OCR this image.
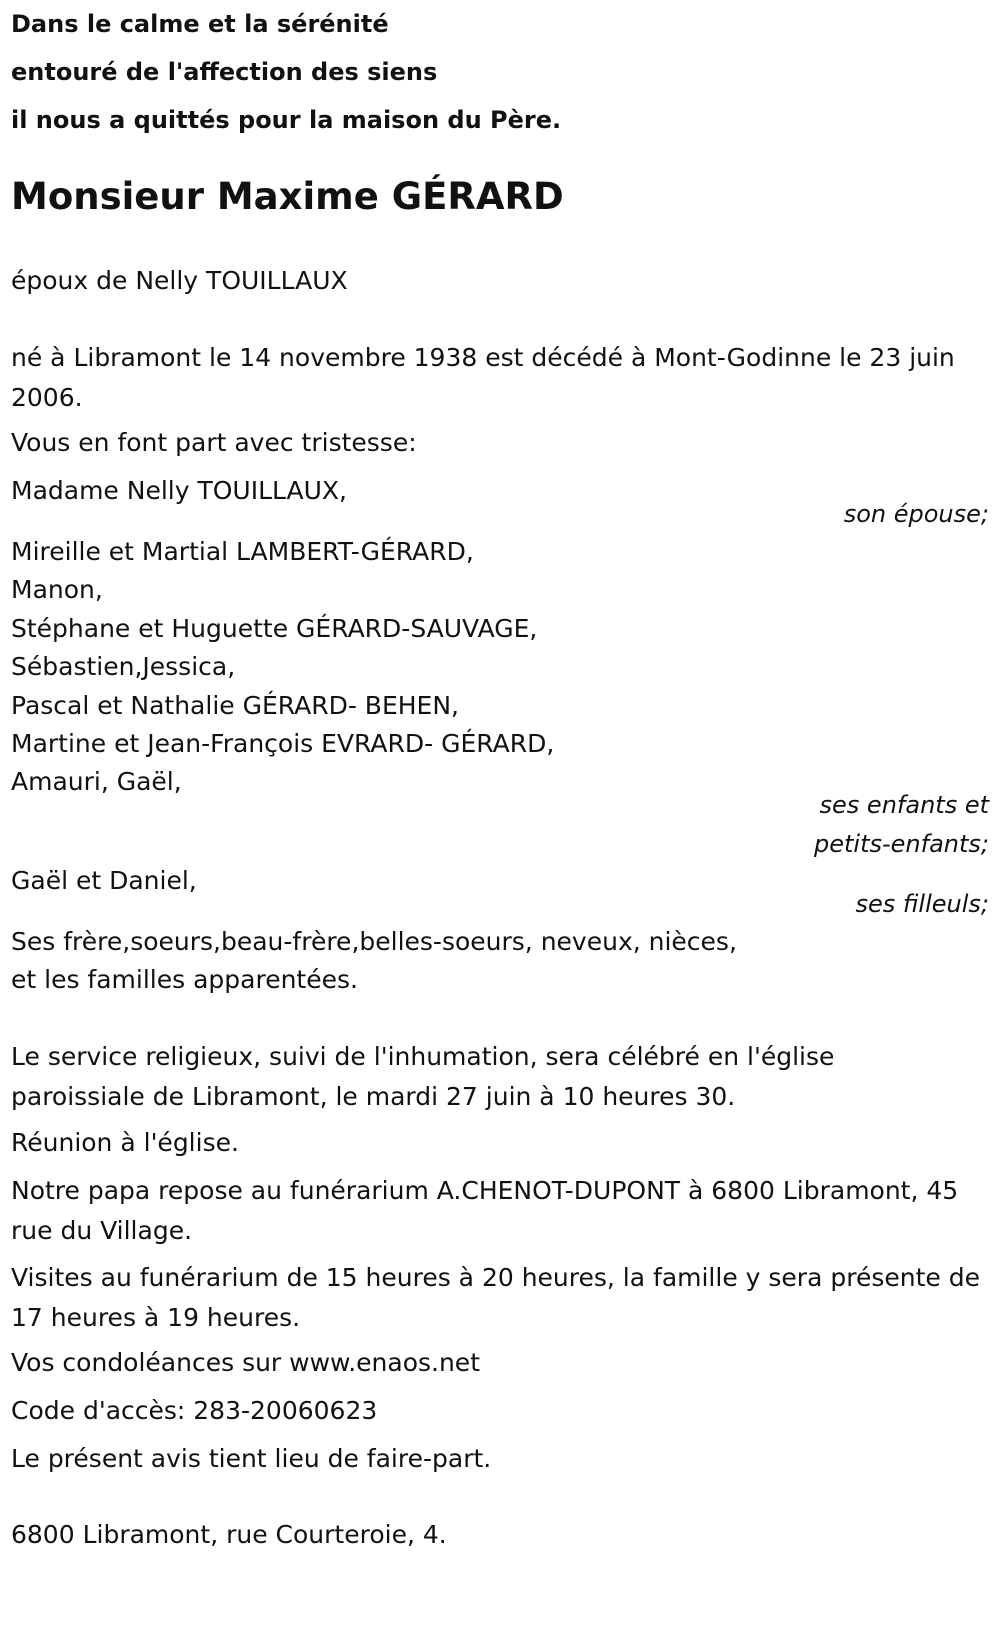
Dans le calme et la sérénité
entouré de l'affection des siens
il nous a quittés pour la maison du Père.
Monsieur Maxime GÉRARD
époux de Nelly TOUILLAUX
né à Libramont le 14 novembre 1938 est décédé à Mont-Godinne le 23 juin 2006.
Vous en font part avec tristesse:
Madame Nelly TOUILLAUX,
son épouse;
Mireille et Martial LAMBERT-GÉRARD,
Manon,
Stéphane et Huguette GÉRARD-SAUVAGE,
Sébastien,Jessica,
Pascal et Nathalie GÉRARD- BEHEN,
Martine et Jean-François EVRARD- GÉRARD,
Amauri, Gaël,
ses enfants et
petits-enfants;
Gaël et Daniel,
ses filleuls;
Ses frère,soeurs,beau-frère,belles-soeurs, neveux, nièces,
et les familles apparentées.
Le service religieux, suivi de l'inhumation, sera célébré en l'église paroissiale de Libramont, le mardi 27 juin à 10 heures 30.
Réunion à l'église.
Notre papa repose au funérarium A.CHENOT-DUPONT à 6800 Libramont, 45 rue du Village.
Visites au funérarium de 15 heures à 20 heures, la famille y sera présente de 17 heures à 19 heures.
Vos condoléances sur www.enaos.net
Code d'accès: 283-20060623
Le présent avis tient lieu de faire-part.
6800 Libramont, rue Courteroie, 4.
